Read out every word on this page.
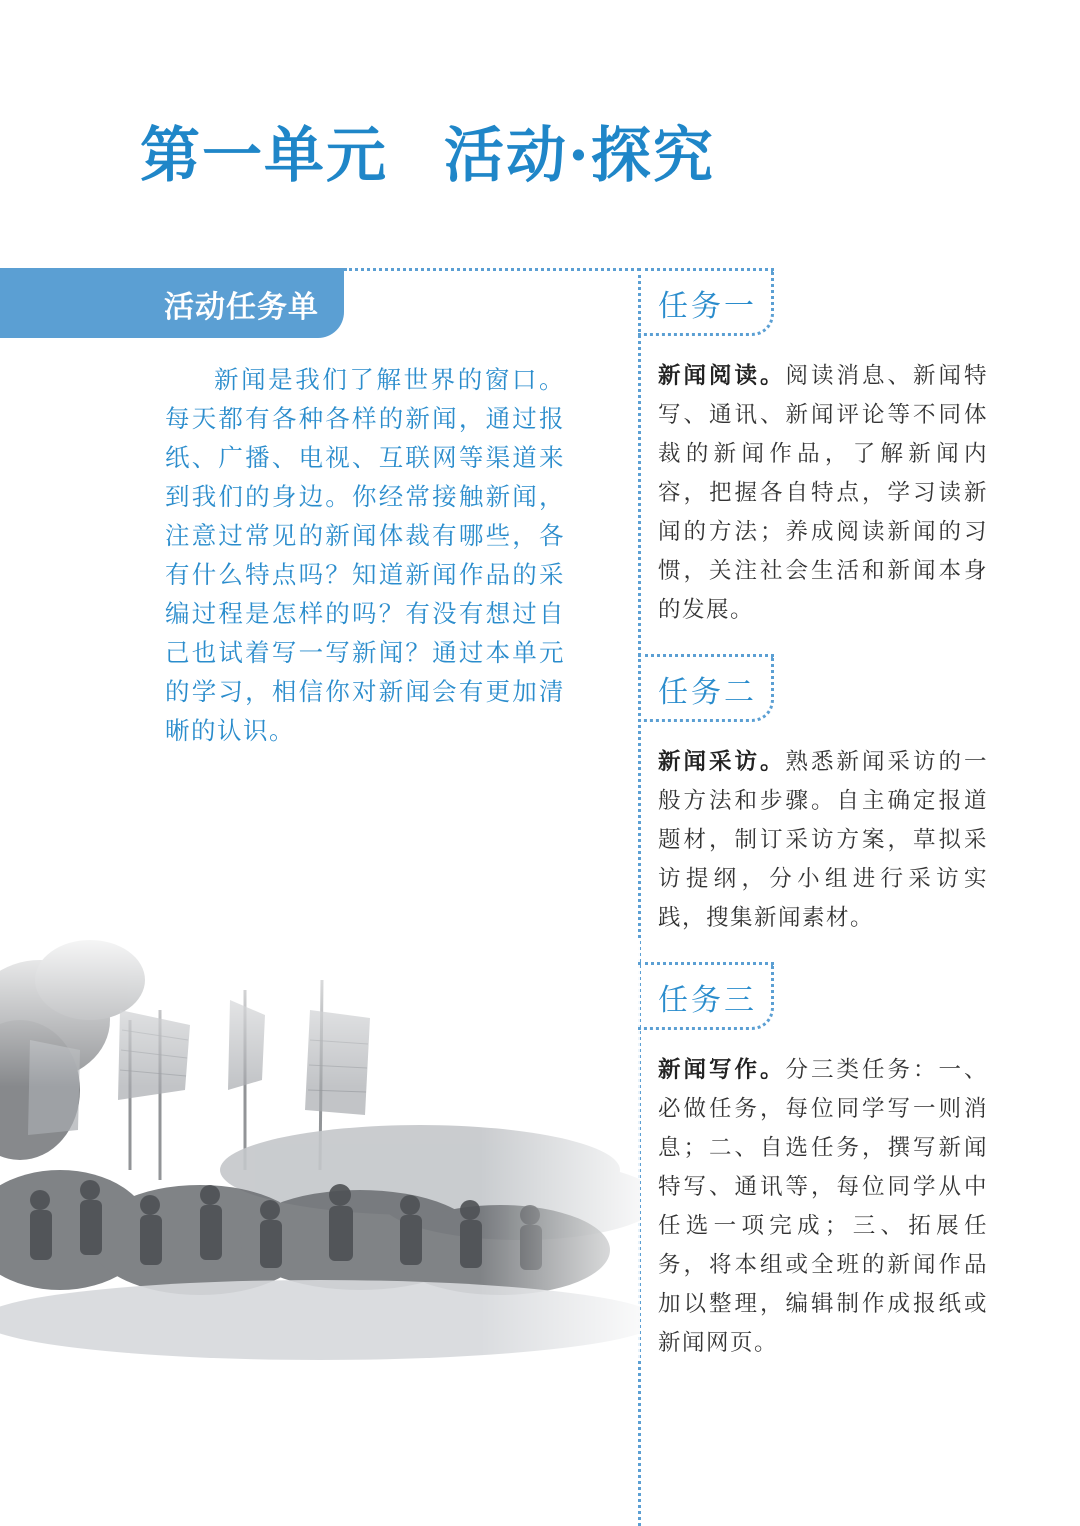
第一单元 活动·探究
活动任务单

新闻是我们了解世界的窗口。每天都有各种各样的新闻，通过报纸、广播、电视、互联网等渠道来到我们的身边。你经常接触新闻，注意过常见的新闻体裁有哪些，各有什么特点吗？知道新闻作品的采编过程是怎样的吗？有没有想过自己也试着写一写新闻？通过本单元的学习，相信你对新闻会有更加清晰的认识。

任务一

新闻阅读。阅读消息、新闻特写、通讯、新闻评论等不同体裁的新闻作品，了解新闻内容，把握各自特点，学习读新闻的方法；养成阅读新闻的习惯，关注社会生活和新闻本身的发展。

任务二

新闻采访。熟悉新闻采访的一般方法和步骤。自主确定报道题材，制订采访方案，草拟采访提纲，分小组进行采访实践，搜集新闻素材。

任务三

新闻写作。分三类任务：一、必做任务，每位同学写一则消息；二、自选任务，撰写新闻特写、通讯等，每位同学从中任选一项完成；三、拓展任务，将本组或全班的新闻作品加以整理，编辑制作成报纸或新闻网页。
